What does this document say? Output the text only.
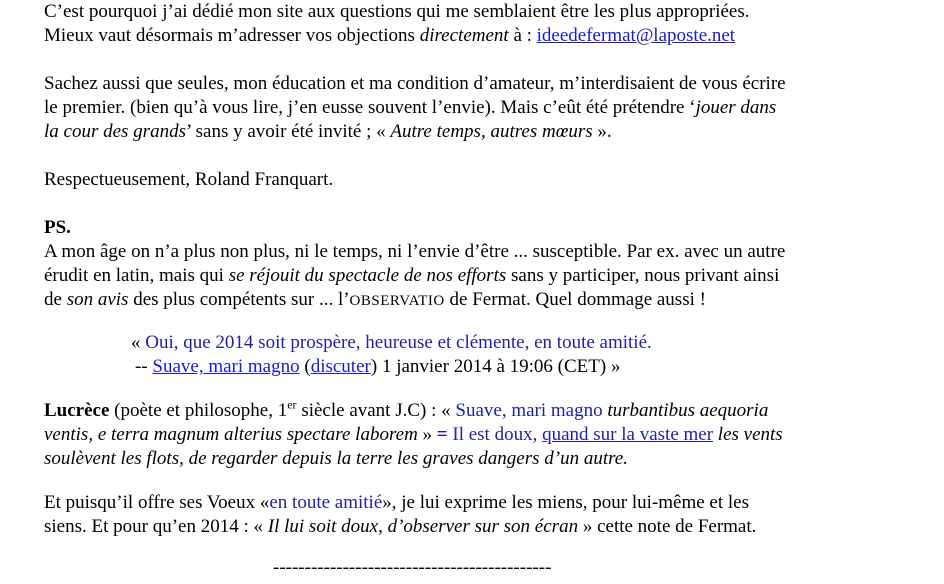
C’est pourquoi j’ai dédié mon site aux questions qui me semblaient être les plus appropriées.
Mieux vaut désormais m’adresser vos objections directement à : ideedefermat@laposte.net
Sachez aussi que seules, mon éducation et ma condition d’amateur, m’interdisaient de vous écrire
le premier. (bien qu’à vous lire, j’en eusse souvent l’envie). Mais c’eût été prétendre ‘jouer dans
la cour des grands’ sans y avoir été invité ; « Autre temps, autres mœurs ».
Respectueusement, Roland Franquart.
PS.
A mon âge on n’a plus non plus, ni le temps, ni l’envie d’être ... susceptible. Par ex. avec un autre
érudit en latin, mais qui se réjouit du spectacle de nos efforts sans y participer, nous privant ainsi
de son avis des plus compétents sur ... l’OBSERVATIO de Fermat. Quel dommage aussi !
« Oui, que 2014 soit prospère, heureuse et clémente, en toute amitié.
-- Suave, mari magno (discuter) 1 janvier 2014 à 19:06 (CET) »
Lucrèce (poète et philosophe, 1er siècle avant J.C) : « Suave, mari magno turbantibus aequoria
ventis, e terra magnum alterius spectare laborem » = Il est doux, quand sur la vaste mer les vents
soulèvent les flots, de regarder depuis la terre les graves dangers d’un autre.
Et puisqu’il offre ses Voeux «en toute amitié», je lui exprime les miens, pour lui-même et les
siens. Et pour qu’en 2014 : « Il lui soit doux, d’observer sur son écran » cette note de Fermat.
--------------------------------------------
